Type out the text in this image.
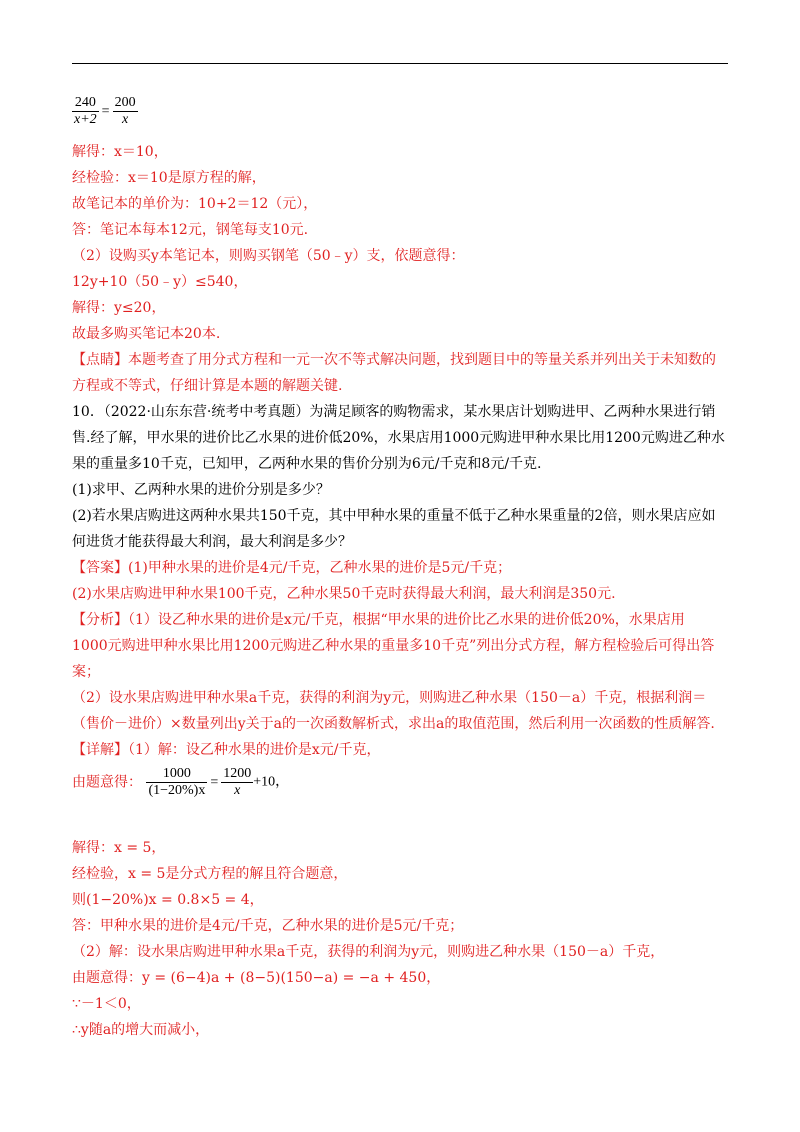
$\frac{240}{x+2} = \frac{200}{x}$
解得：x＝10，
经检验：x＝10是原方程的解，
故笔记本的单价为：10+2＝12（元），
答：笔记本每本12元，钢笔每支10元.
（2）设购买y本笔记本，则购买钢笔（50﹣y）支，依题意得：
12y+10（50﹣y）≤540，
解得：y≤20，
故最多购买笔记本20本.
【点睛】本题考查了用分式方程和一元一次不等式解决问题，找到题目中的等量关系并列出关于未知数的
方程或不等式，仔细计算是本题的解题关键.
10．（2022·山东东营·统考中考真题）为满足顾客的购物需求，某水果店计划购进甲、乙两种水果进行销
售.经了解，甲水果的进价比乙水果的进价低20%，水果店用1000元购进甲种水果比用1200元购进乙种水
果的重量多10千克，已知甲，乙两种水果的售价分别为6元/千克和8元/千克.
(1)求甲、乙两种水果的进价分别是多少？
(2)若水果店购进这两种水果共150千克，其中甲种水果的重量不低于乙种水果重量的2倍，则水果店应如
何进货才能获得最大利润，最大利润是多少？
【答案】(1)甲种水果的进价是4元/千克，乙种水果的进价是5元/千克；
(2)水果店购进甲种水果100千克，乙种水果50千克时获得最大利润，最大利润是350元.
【分析】（1）设乙种水果的进价是x元/千克，根据“甲水果的进价比乙水果的进价低20%，水果店用
1000元购进甲种水果比用1200元购进乙种水果的重量多10千克”列出分式方程，解方程检验后可得出答
案；
（2）设水果店购进甲种水果a千克，获得的利润为y元，则购进乙种水果（150－a）千克，根据利润＝
（售价－进价）×数量列出y关于a的一次函数解析式，求出a的取值范围，然后利用一次函数的性质解答.
【详解】（1）解：设乙种水果的进价是x元/千克，
由题意得： $\frac{1000}{(1-20\%)x} = \frac{1200}{x} +10$，
解得：x = 5，
经检验，x = 5是分式方程的解且符合题意，
则(1−20%)x = 0.8×5 = 4，
答：甲种水果的进价是4元/千克，乙种水果的进价是5元/千克；
（2）解：设水果店购进甲种水果a千克，获得的利润为y元，则购进乙种水果（150－a）千克，
由题意得：y = (6−4)a + (8−5)(150−a) = −a + 450，
∵－1＜0，
∴y随a的增大而减小，
